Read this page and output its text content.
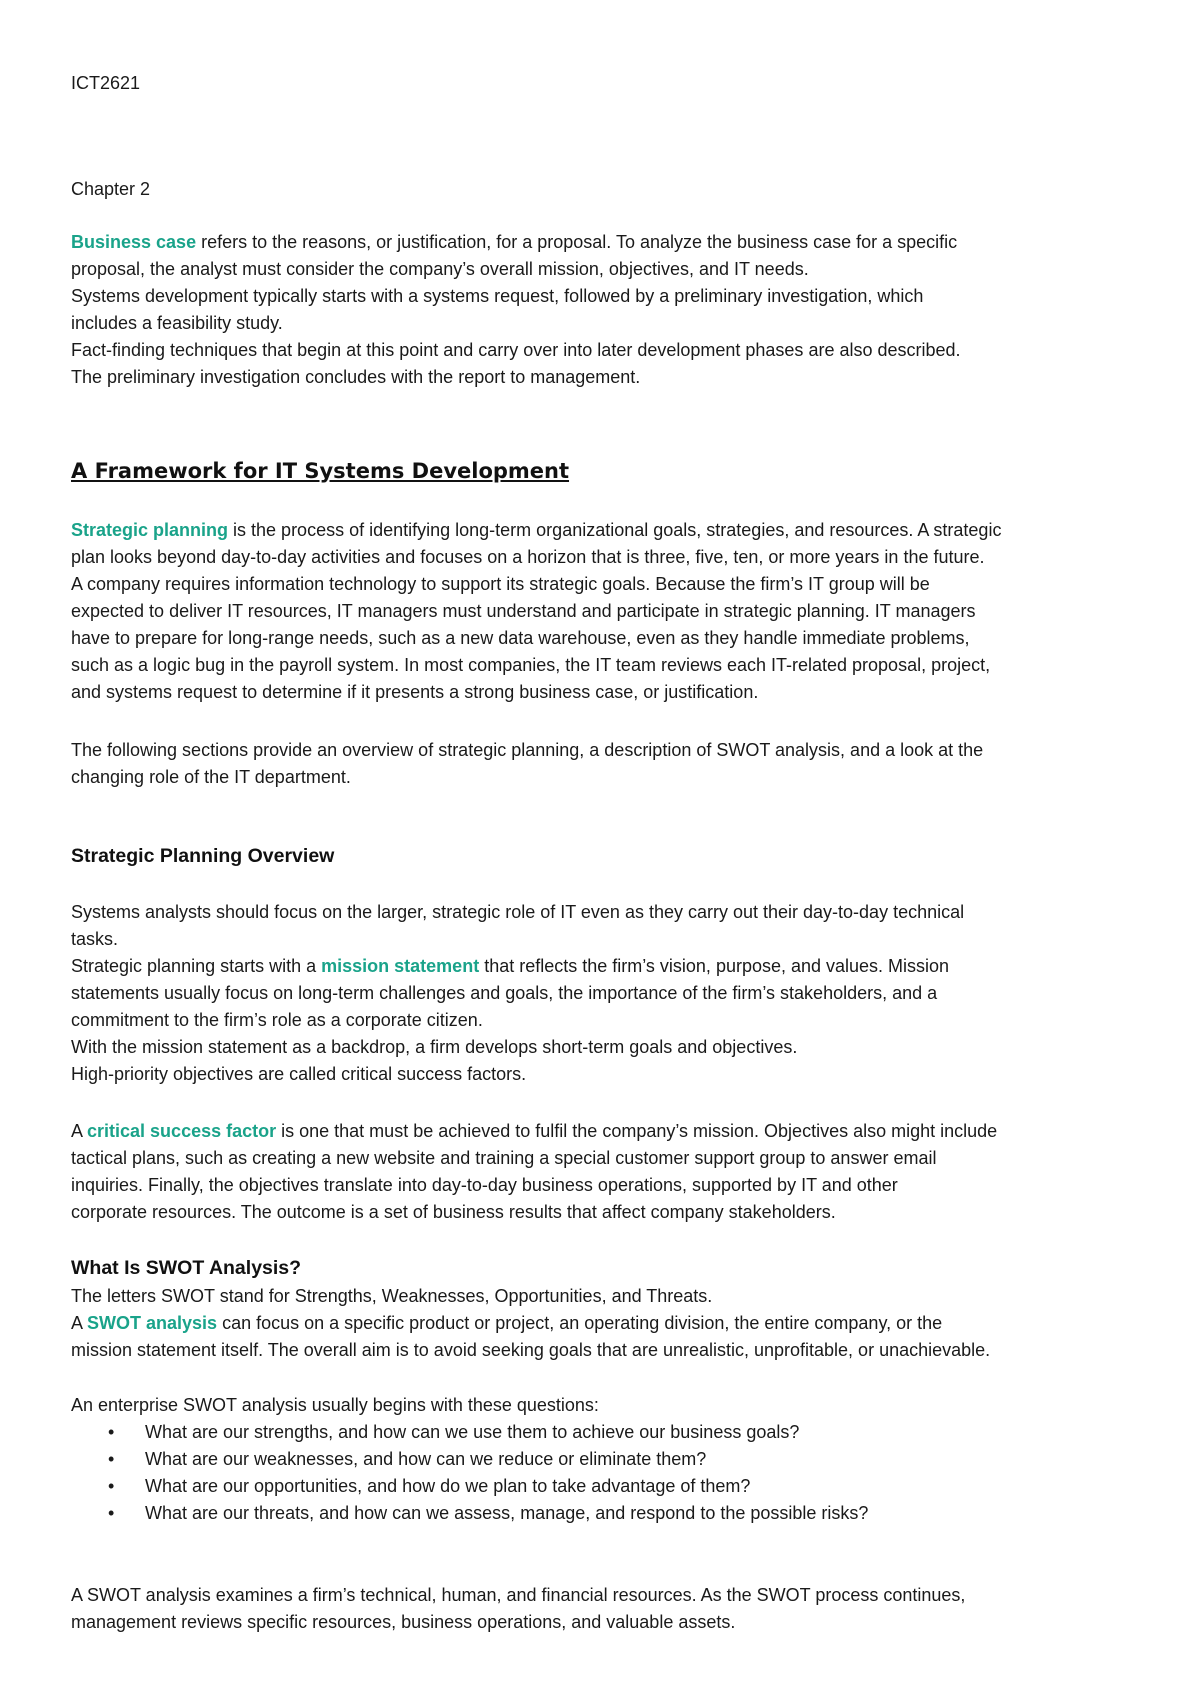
ICT2621

Chapter 2

Business case refers to the reasons, or justification, for a proposal. To analyze the business case for a specific

proposal, the analyst must consider the company’s overall mission, objectives, and IT needs.

Systems development typically starts with a systems request, followed by a preliminary investigation, which

includes a feasibility study.

Fact-finding techniques that begin at this point and carry over into later development phases are also described.

The preliminary investigation concludes with the report to management.

A Framework for IT Systems Development

Strategic planning is the process of identifying long-term organizational goals, strategies, and resources. A strategic

plan looks beyond day-to-day activities and focuses on a horizon that is three, five, ten, or more years in the future.

A company requires information technology to support its strategic goals. Because the firm’s IT group will be

expected to deliver IT resources, IT managers must understand and participate in strategic planning. IT managers

have to prepare for long-range needs, such as a new data warehouse, even as they handle immediate problems,

such as a logic bug in the payroll system. In most companies, the IT team reviews each IT-related proposal, project,

and systems request to determine if it presents a strong business case, or justification.

The following sections provide an overview of strategic planning, a description of SWOT analysis, and a look at the

changing role of the IT department.

Strategic Planning Overview

Systems analysts should focus on the larger, strategic role of IT even as they carry out their day-to-day technical

tasks.

Strategic planning starts with a mission statement that reflects the firm’s vision, purpose, and values. Mission

statements usually focus on long-term challenges and goals, the importance of the firm’s stakeholders, and a

commitment to the firm’s role as a corporate citizen.

With the mission statement as a backdrop, a firm develops short-term goals and objectives.

High-priority objectives are called critical success factors.

A critical success factor is one that must be achieved to fulfil the company’s mission. Objectives also might include

tactical plans, such as creating a new website and training a special customer support group to answer email

inquiries. Finally, the objectives translate into day-to-day business operations, supported by IT and other

corporate resources. The outcome is a set of business results that affect company stakeholders.

What Is SWOT Analysis?

The letters SWOT stand for Strengths, Weaknesses, Opportunities, and Threats.

A SWOT analysis can focus on a specific product or project, an operating division, the entire company, or the

mission statement itself. The overall aim is to avoid seeking goals that are unrealistic, unprofitable, or unachievable.

An enterprise SWOT analysis usually begins with these questions:

• What are our strengths, and how can we use them to achieve our business goals?
• What are our weaknesses, and how can we reduce or eliminate them?
• What are our opportunities, and how do we plan to take advantage of them?
• What are our threats, and how can we assess, manage, and respond to the possible risks?

A SWOT analysis examines a firm’s technical, human, and financial resources. As the SWOT process continues,

management reviews specific resources, business operations, and valuable assets.
